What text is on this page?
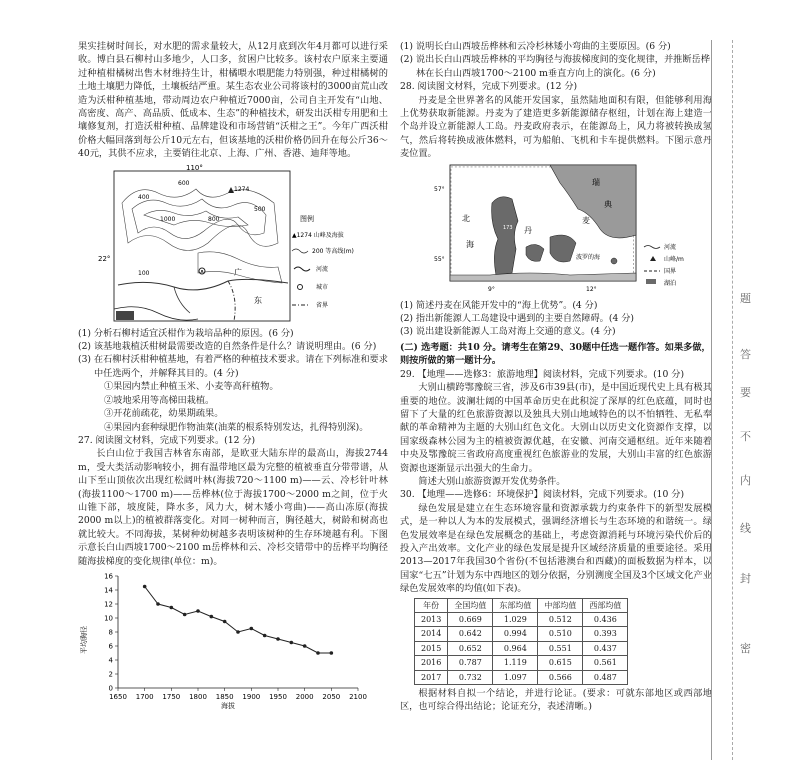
果实挂树时间长，对水肥的需求量较大，从12月底到次年4月都可以进行采收。博白县石柳村山多地少，人口多，贫困户比较多。该村农户原来主要通过种植柑橘树出售木材维持生计，柑橘喂水喂肥能力特别强，种过柑橘树的土地土壤肥力降低，土壤板结严重。某生态农业公司将该村的3000亩荒山改造为沃柑种植基地，带动周边农户种植近7000亩，公司自主开发有“山地、高密度、高产、高品质、低成本、生态”的种植技术，研发出沃柑专用肥和土壤修复剂，打造沃柑种植、品牌建设和市场营销“沃柑之王”。今年广西沃柑价格大幅回落到每公斤10元左右，但该基地的沃柑价格仍回升在每公斤36～40元，其供不应求，主要销往北京、上海、广州、香港、迪拜等地。

110°
22°
广
东
400
600
500
800
1000
1274
100
图例
▲1274 山峰及海拔
200 等高线(m)
河流
城市
省界

(1) 分析石柳村适宜沃柑作为栽培品种的原因。(6 分)

(2) 该基地栽植沃柑树最需要改造的自然条件是什么？请说明理由。(6 分)

(3) 在石柳村沃柑种植基地，有着严格的种植技术要求。请在下列标准和要求中任选两个，并解释其目的。(4 分)

①果园内禁止种植玉米、小麦等高秆植物。

②坡地采用等高梯田栽植。

③开花前疏花，幼果期疏果。

④果园内套种绿肥作物油菜(油菜的根系特别发达，扎得特别深)。

27. 阅读图文材料，完成下列要求。(12 分)

长白山位于我国吉林省东南部，是欧亚大陆东岸的最高山，海拔2744 m，受大类活动影响较小，拥有温带地区最为完整的植被垂直分带带谱，从山下至山顶依次出现红松阔叶林(海拔720～1100 m)——云、冷杉针叶林(海拔1100～1700 m)——岳桦林(位于海拔1700～2000 m之间，位于火山锥下部，坡度陡，降水多，风力大，树木矮小弯曲)——高山冻原(海拔2000 m以上)的植被群落变化。对同一树种而言，胸径越大，树龄和树高也就比较大。不同海拔，某树种幼树越多表明该树种的生存环境越有利。下图示意长白山西坡1700～2100 m岳桦林和云、冷杉交错带中的岳桦平均胸径随海拔梯度的变化规律(单位：m)。

平均胸径
海拔
0
2
4
6
8
10
12
14
16
1650 1700 1750 1800 1850 1900 1950 2000 2050 2100

(1) 说明长白山西坡岳桦林和云冷杉林矮小弯曲的主要原因。(6 分)

(2) 说出长白山西坡岳桦林的平均胸径与海拔梯度间的变化规律，并推断岳桦林在长白山西坡1700～2100 m垂直方向上的演化。(6 分)

28. 阅读图文材料，完成下列要求。(12 分)

丹麦是全世界著名的风能开发国家，虽然陆地面积有限，但能够利用海上优势获取新能源。丹麦为了建造更多新能源储存枢纽，计划在海上建造一个岛并设立新能源人工岛。丹麦政府表示，在能源岛上，风力将被转换成氢气，然后将转换成液体燃料，可为船舶、飞机和卡车提供燃料。下图示意丹麦位置。

瑞
典
北
海
丹
麦
波罗的海
173
57°
55°
9°	12°
河流
山峰/m
国界
湖泊

(1) 简述丹麦在风能开发中的“海上优势”。(4 分)

(2) 指出新能源人工岛建设中遇到的主要自然障碍。(4 分)

(3) 说出建设新能源人工岛对海上交通的意义。(4 分)

(二) 选考题：共10 分。请考生在第29、30题中任选一题作答。如果多做，则按所做的第一题计分。

29. 【地理——选修3：旅游地理】阅读材料，完成下列要求。(10 分)

大别山横跨鄂豫皖三省，涉及6市39县(市)，是中国近现代史上具有极其重要的地位。波澜壮阔的中国革命历史在此积淀了深厚的红色底蕴，同时也留下了大量的红色旅游资源以及独具大别山地域特色的以不怕牺牲、无私奉献的革命精神为主题的大别山红色文化。大别山以历史文化资源作支撑，以国家级森林公园为主的植被资源优越，在安徽、河南交通枢纽。近年来随着中央及鄂豫皖三省政府高度重视红色旅游业的发展，大别山丰富的红色旅游资源也逐渐显示出强大的生命力。

简述大别山旅游资源开发优势条件。

30. 【地理——选修6：环境保护】阅读材料，完成下列要求。(10 分)

绿色发展是建立在生态环境容量和资源承载力约束条件下的新型发展模式，是一种以人为本的发展模式，强调经济增长与生态环境的和谐统一。绿色发展效率是在绿色发展概念的基础上，考虑资源消耗与环境污染代价后的投入产出效率。文化产业的绿色发展是提升区域经济质量的重要途径。采用2013—2017年我国30个省份(不包括港澳台和西藏)的面板数据为样本，以国家“七五”计划为东中西地区的划分依据，分别测度全国及3个区域文化产业绿色发展效率的均值(如下表)。

年份	全国均值	东部均值	中部均值	西部均值
2013	0.669	1.029	0.512	0.436
2014	0.642	0.994	0.510	0.393
2015	0.652	0.964	0.551	0.437
2016	0.787	1.119	0.615	0.561
2017	0.732	1.097	0.566	0.487

根据材料自拟一个结论，并进行论证。(要求：可就东部地区或西部地区，也可综合得出结论；论证充分，表述清晰。)

题
答
要
不
内
线
封
密
